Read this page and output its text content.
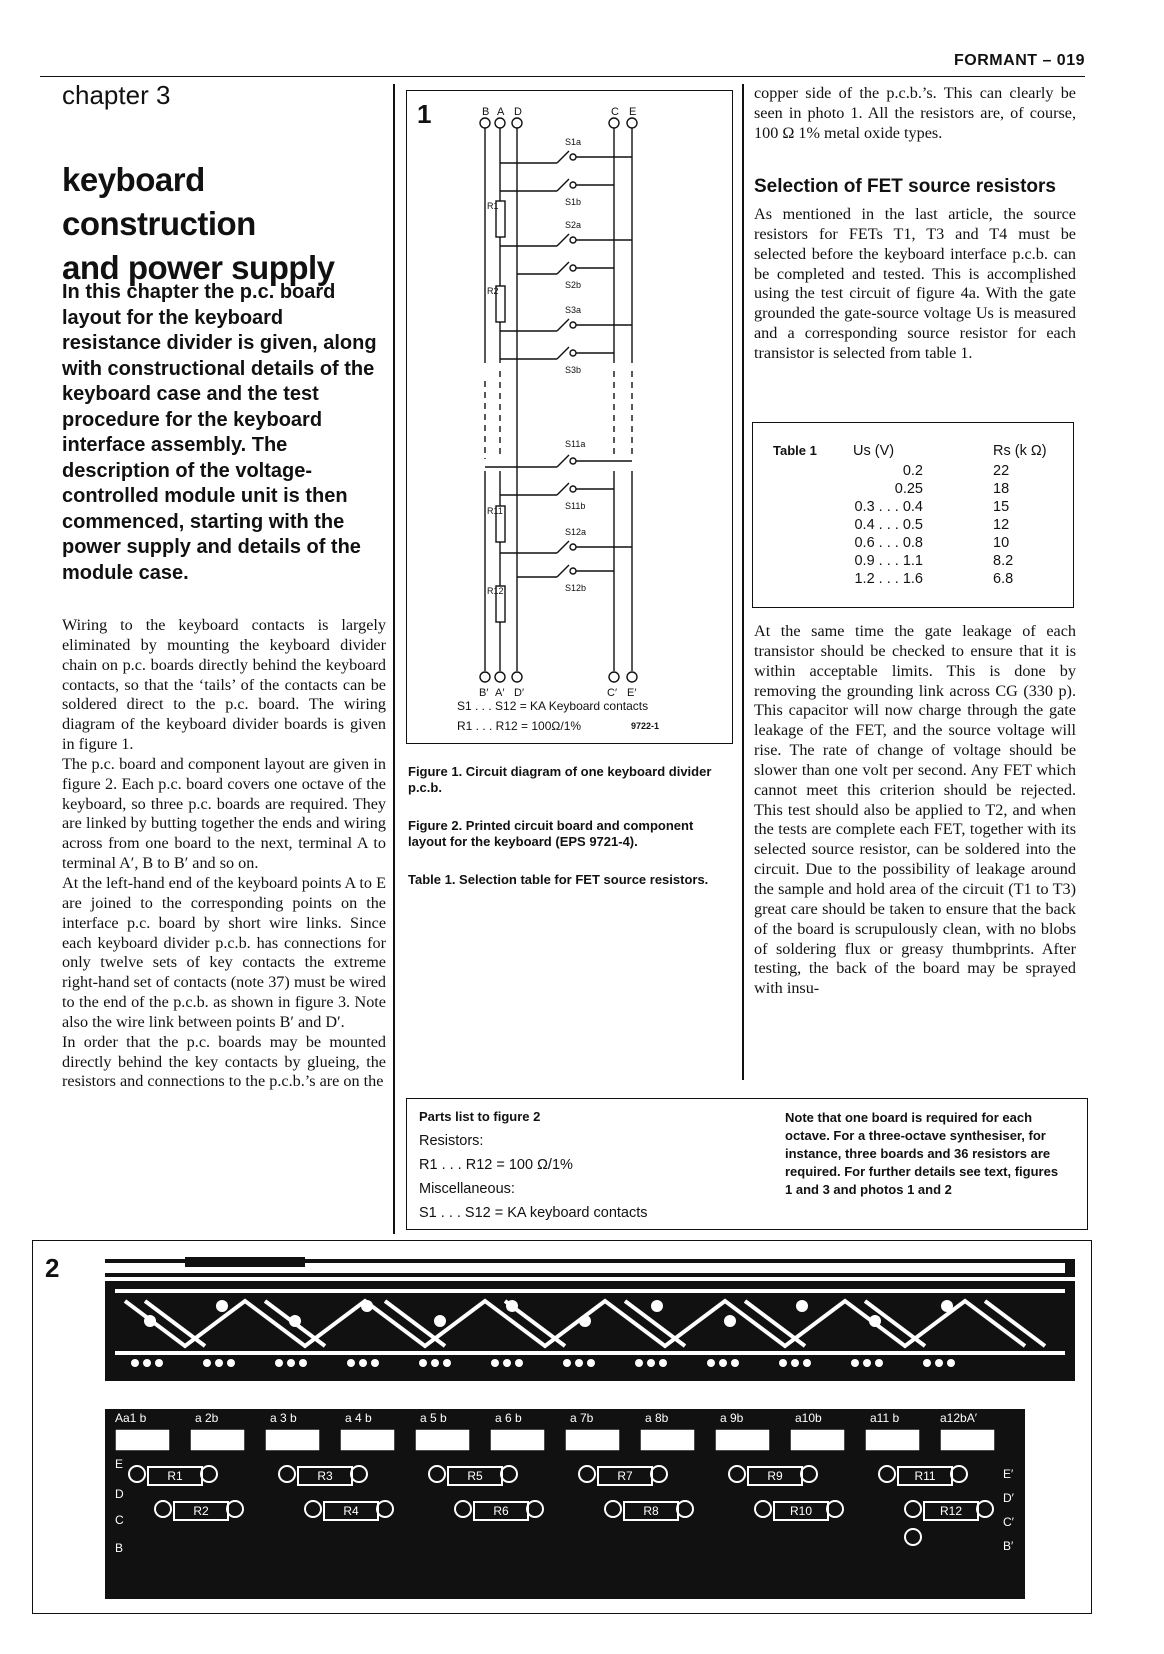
FORMANT – 019
chapter 3
keyboard construction
and power supply
In this chapter the p.c. board layout for the keyboard resistance divider is given, along with constructional details of the keyboard case and the test procedure for the keyboard interface assembly. The description of the voltage-controlled module unit is then commenced, starting with the power supply and details of the module case.
Wiring to the keyboard contacts is largely eliminated by mounting the keyboard divider chain on p.c. boards directly behind the keyboard contacts, so that the ‘tails’ of the contacts can be soldered direct to the p.c. board. The wiring diagram of the keyboard divider boards is given in figure 1.
The p.c. board and component layout are given in figure 2. Each p.c. board covers one octave of the keyboard, so three p.c. boards are required. They are linked by butting together the ends and wiring across from one board to the next, terminal A to terminal A′, B to B′ and so on.
At the left-hand end of the keyboard points A to E are joined to the corresponding points on the interface p.c. board by short wire links. Since each keyboard divider p.c.b. has connections for only twelve sets of key contacts the extreme right-hand set of contacts (note 37) must be wired to the end of the p.c.b. as shown in figure 3. Note also the wire link between points B′ and D′.
In order that the p.c. boards may be mounted directly behind the key contacts by glueing, the resistors and connections to the p.c.b.’s are on the
B A D	C E
S1a
S1b
S2a
S2b
S3a
S3b
S11a
S11b
S12a
S12b
R1
R2
R11
R12
B′ A′ D′	C′ E′
1
S1 . . . S12 = KA Keyboard contacts
R1 . . . R12 = 100Ω/1%	9722-1
Figure 1. Circuit diagram of one keyboard divider p.c.b.
Figure 2. Printed circuit board and component layout for the keyboard (EPS 9721-4).
Table 1. Selection table for FET source resistors.
copper side of the p.c.b.’s. This can clearly be seen in photo 1. All the resistors are, of course, 100 Ω 1% metal oxide types.
Selection of FET source resistors
As mentioned in the last article, the source resistors for FETs T1, T3 and T4 must be selected before the keyboard interface p.c.b. can be completed and tested. This is accomplished using the test circuit of figure 4a. With the gate grounded the gate-source voltage Us is measured and a corresponding source resistor for each transistor is selected from table 1.
Table 1 Us (V)	Rs (k Ω)
0.2	22
0.25	18
0.3 . . . 0.4	15
0.4 . . . 0.5	12
0.6 . . . 0.8	10
0.9 . . . 1.1	8.2
1.2 . . . 1.6	6.8
At the same time the gate leakage of each transistor should be checked to ensure that it is within acceptable limits. This is done by removing the grounding link across CG (330 p). This capacitor will now charge through the gate leakage of the FET, and the source voltage will rise. The rate of change of voltage should be slower than one volt per second. Any FET which cannot meet this criterion should be rejected. This test should also be applied to T2, and when the tests are complete each FET, together with its selected source resistor, can be soldered into the circuit. Due to the possibility of leakage around the sample and hold area of the circuit (T1 to T3) great care should be taken to ensure that the back of the board is scrupulously clean, with no blobs of soldering flux or greasy thumbprints. After testing, the back of the board may be sprayed with insu-
Parts list to figure 2
Resistors:
R1 . . . R12 = 100 Ω/1%
Miscellaneous:
S1 . . . S12 = KA keyboard contacts
Note that one board is required for each octave. For a three-octave synthesiser, for instance, three boards and 36 resistors are required. For further details see text, figures 1 and 3 and photos 1 and 2
2
Aa1 b	a 2b	a 3 b	a 4 b	a 5 b	a 6 b	a 7b	a 8b	a 9b	a10b	a11 b	a12bA′
R1
R2
R3
R4
R5
R6
R7
R8
R9
R10
R11
R12
E
D
C
B
E′
D′
C′
B′
